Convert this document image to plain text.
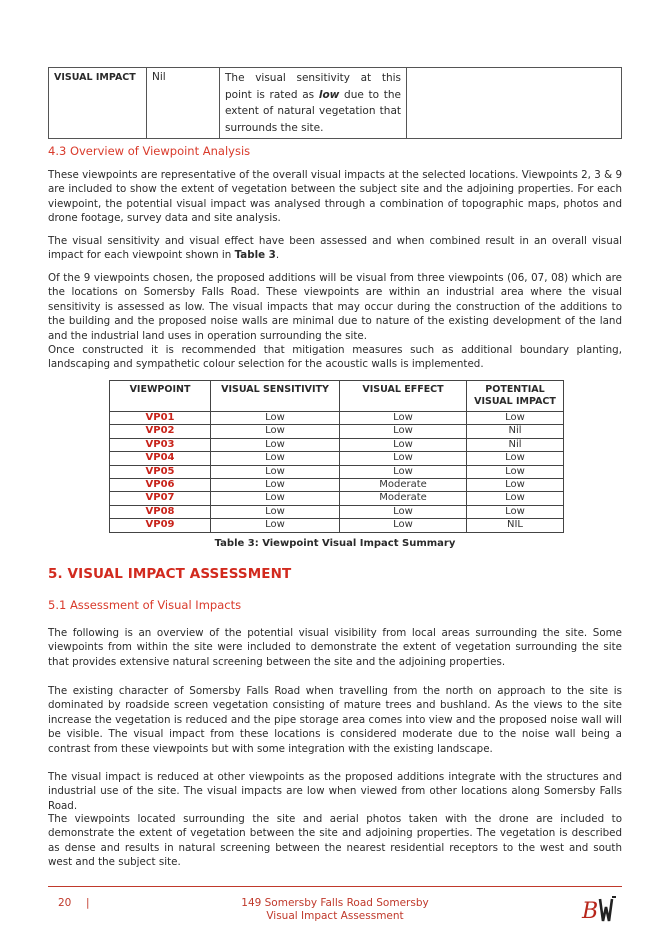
VISUAL IMPACT	Nil	The visual sensitivity at this point is rated as low due to the extent of natural vegetation that surrounds the site.	
4.3 Overview of Viewpoint Analysis

These viewpoints are representative of the overall visual impacts at the selected locations. Viewpoints 2, 3 & 9 are included to show the extent of vegetation between the subject site and the adjoining properties. For each viewpoint, the potential visual impact was analysed through a combination of topographic maps, photos and drone footage, survey data and site analysis.

The visual sensitivity and visual effect have been assessed and when combined result in an overall visual impact for each viewpoint shown in Table 3.

Of the 9 viewpoints chosen, the proposed additions will be visual from three viewpoints (06, 07, 08) which are the locations on Somersby Falls Road. These viewpoints are within an industrial area where the visual sensitivity is assessed as low. The visual impacts that may occur during the construction of the additions to the building and the proposed noise walls are minimal due to nature of the existing development of the land and the industrial land uses in operation surrounding the site.

Once constructed it is recommended that mitigation measures such as additional boundary planting, landscaping and sympathetic colour selection for the acoustic walls is implemented.

VIEWPOINT	VISUAL SENSITIVITY	VISUAL EFFECT	POTENTIAL VISUAL IMPACT
VP01	Low	Low	Low
VP02	Low	Low	Nil
VP03	Low	Low	Nil
VP04	Low	Low	Low
VP05	Low	Low	Low
VP06	Low	Moderate	Low
VP07	Low	Moderate	Low
VP08	Low	Low	Low
VP09	Low	Low	NIL

Table 3: Viewpoint Visual Impact Summary

5. VISUAL IMPACT ASSESSMENT
5.1 Assessment of Visual Impacts

The following is an overview of the potential visual visibility from local areas surrounding the site. Some viewpoints from within the site were included to demonstrate the extent of vegetation surrounding the site that provides extensive natural screening between the site and the adjoining properties.

The existing character of Somersby Falls Road when travelling from the north on approach to the site is dominated by roadside screen vegetation consisting of mature trees and bushland. As the views to the site increase the vegetation is reduced and the pipe storage area comes into view and the proposed noise wall will be visible. The visual impact from these locations is considered moderate due to the noise wall being a contrast from these viewpoints but with some integration with the existing landscape.

The visual impact is reduced at other viewpoints as the proposed additions integrate with the structures and industrial use of the site. The visual impacts are low when viewed from other locations along Somersby Falls Road.

The viewpoints located surrounding the site and aerial photos taken with the drone are included to demonstrate the extent of vegetation between the site and adjoining properties. The vegetation is described as dense and results in natural screening between the nearest residential receptors to the west and south west and the subject site.

20 |	149 Somersby Falls Road Somersby
Visual Impact Assessment	B
